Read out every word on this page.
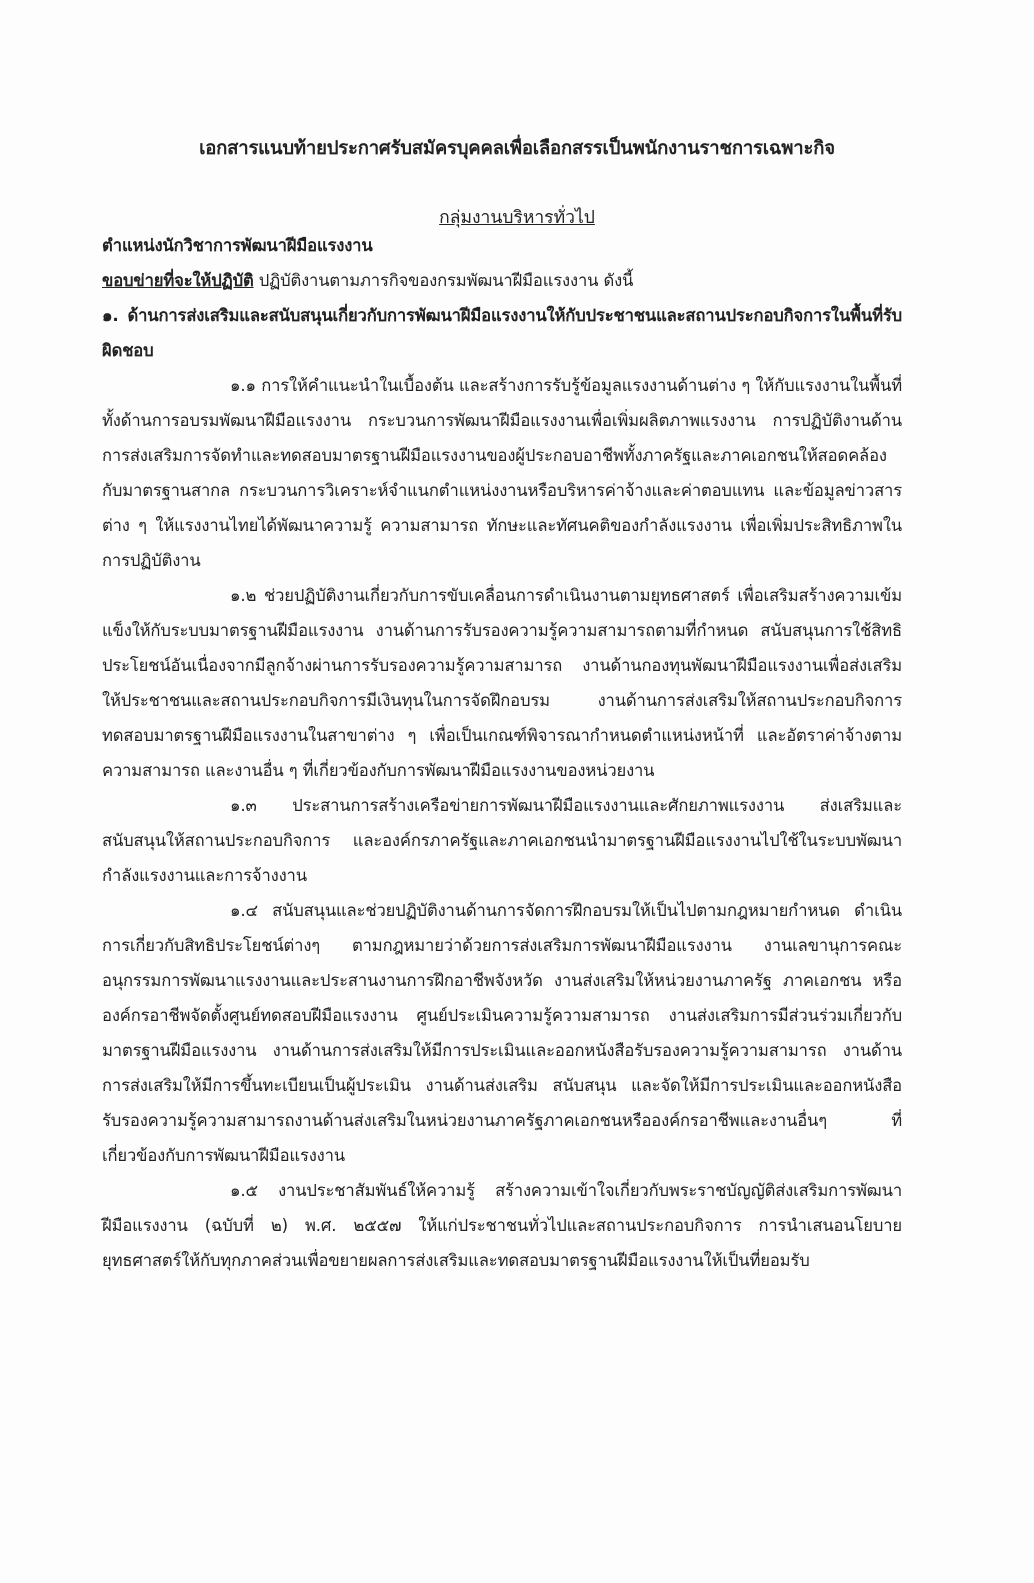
เอกสารแนบท้ายประกาศรับสมัครบุคคลเพื่อเลือกสรรเป็นพนักงานราชการเฉพาะกิจ
กลุ่มงานบริหารทั่วไป

ตำแหน่งนักวิชาการพัฒนาฝีมือแรงงาน

ขอบข่ายที่จะให้ปฏิบัติ ปฏิบัติงานตามภารกิจของกรมพัฒนาฝีมือแรงงาน ดังนี้

๑. ด้านการส่งเสริมและสนับสนุนเกี่ยวกับการพัฒนาฝีมือแรงงานให้กับประชาชนและสถานประกอบกิจการในพื้นที่รับผิดชอบ

๑.๑ การให้คำแนะนำในเบื้องต้น และสร้างการรับรู้ข้อมูลแรงงานด้านต่าง ๆ ให้กับแรงงานในพื้นที่ทั้งด้านการอบรมพัฒนาฝีมือแรงงาน กระบวนการพัฒนาฝีมือแรงงานเพื่อเพิ่มผลิตภาพแรงงาน การปฏิบัติงานด้านการส่งเสริมการจัดทำและทดสอบมาตรฐานฝีมือแรงงานของผู้ประกอบอาชีพทั้งภาครัฐและภาคเอกชนให้สอดคล้องกับมาตรฐานสากล กระบวนการวิเคราะห์จำแนกตำแหน่งงานหรือบริหารค่าจ้างและค่าตอบแทน และข้อมูลข่าวสารต่าง ๆ ให้แรงงานไทยได้พัฒนาความรู้ ความสามารถ ทักษะและทัศนคติของกำลังแรงงาน เพื่อเพิ่มประสิทธิภาพในการปฏิบัติงาน

๑.๒ ช่วยปฏิบัติงานเกี่ยวกับการขับเคลื่อนการดำเนินงานตามยุทธศาสตร์ เพื่อเสริมสร้างความเข้มแข็งให้กับระบบมาตรฐานฝีมือแรงงาน งานด้านการรับรองความรู้ความสามารถตามที่กำหนด สนับสนุนการใช้สิทธิประโยชน์อันเนื่องจากมีลูกจ้างผ่านการรับรองความรู้ความสามารถ งานด้านกองทุนพัฒนาฝีมือแรงงานเพื่อส่งเสริมให้ประชาชนและสถานประกอบกิจการมีเงินทุนในการจัดฝึกอบรม งานด้านการส่งเสริมให้สถานประกอบกิจการทดสอบมาตรฐานฝีมือแรงงานในสาขาต่าง ๆ เพื่อเป็นเกณฑ์พิจารณากำหนดตำแหน่งหน้าที่ และอัตราค่าจ้างตามความสามารถ และงานอื่น ๆ ที่เกี่ยวข้องกับการพัฒนาฝีมือแรงงานของหน่วยงาน

๑.๓ ประสานการสร้างเครือข่ายการพัฒนาฝีมือแรงงานและศักยภาพแรงงาน ส่งเสริมและสนับสนุนให้สถานประกอบกิจการ และองค์กรภาครัฐและภาคเอกชนนำมาตรฐานฝีมือแรงงานไปใช้ในระบบพัฒนากำลังแรงงานและการจ้างงาน

๑.๔ สนับสนุนและช่วยปฏิบัติงานด้านการจัดการฝึกอบรมให้เป็นไปตามกฎหมายกำหนด ดำเนินการเกี่ยวกับสิทธิประโยชน์ต่างๆ ตามกฎหมายว่าด้วยการส่งเสริมการพัฒนาฝีมือแรงงาน งานเลขานุการคณะอนุกรรมการพัฒนาแรงงานและประสานงานการฝึกอาชีพจังหวัด งานส่งเสริมให้หน่วยงานภาครัฐ ภาคเอกชน หรือองค์กรอาชีพจัดตั้งศูนย์ทดสอบฝีมือแรงงาน ศูนย์ประเมินความรู้ความสามารถ งานส่งเสริมการมีส่วนร่วมเกี่ยวกับมาตรฐานฝีมือแรงงาน งานด้านการส่งเสริมให้มีการประเมินและออกหนังสือรับรองความรู้ความสามารถ งานด้านการส่งเสริมให้มีการขึ้นทะเบียนเป็นผู้ประเมิน งานด้านส่งเสริม สนับสนุน และจัดให้มีการประเมินและออกหนังสือรับรองความรู้ความสามารถงานด้านส่งเสริมในหน่วยงานภาครัฐภาคเอกชนหรือองค์กรอาชีพและงานอื่นๆ ที่เกี่ยวข้องกับการพัฒนาฝีมือแรงงาน

๑.๕ งานประชาสัมพันธ์ให้ความรู้ สร้างความเข้าใจเกี่ยวกับพระราชบัญญัติส่งเสริมการพัฒนาฝีมือแรงงาน (ฉบับที่ ๒) พ.ศ. ๒๕๕๗ ให้แก่ประชาชนทั่วไปและสถานประกอบกิจการ การนำเสนอนโยบายยุทธศาสตร์ให้กับทุกภาคส่วนเพื่อขยายผลการส่งเสริมและทดสอบมาตรฐานฝีมือแรงงานให้เป็นที่ยอมรับ
